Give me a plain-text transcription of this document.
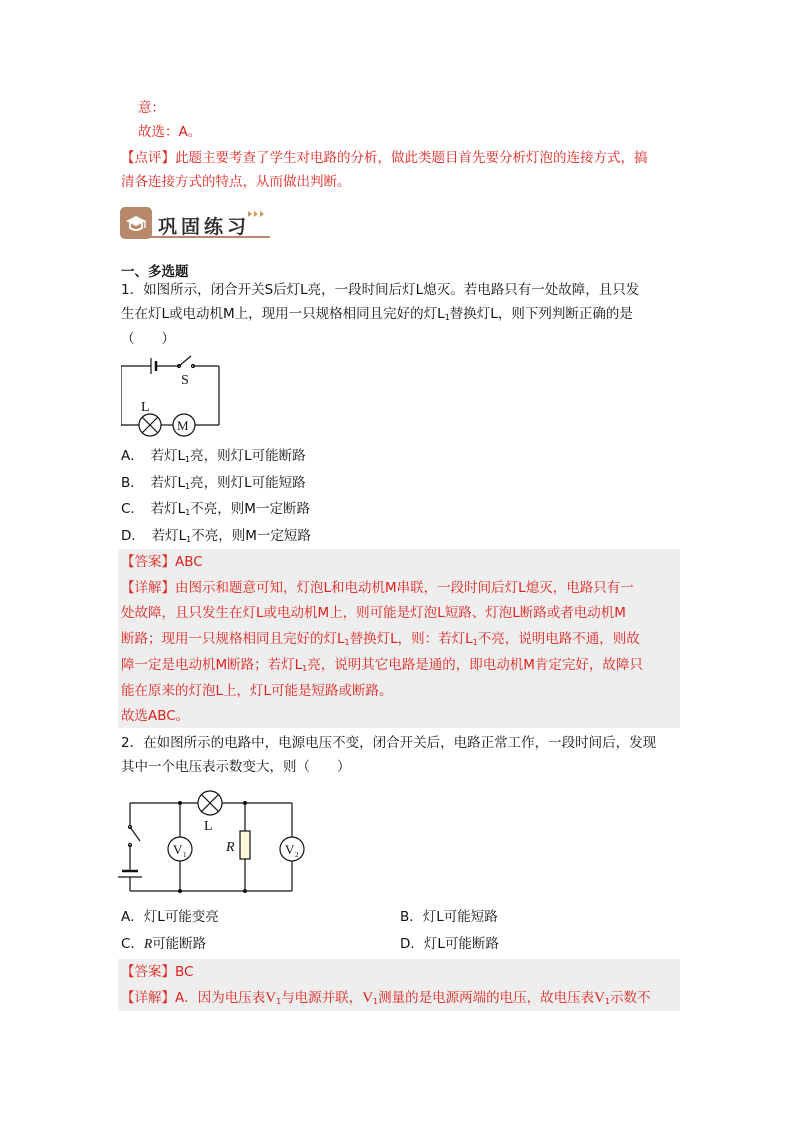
意：
故选：A。
【点评】此题主要考查了学生对电路的分析，做此类题目首先要分析灯泡的连接方式，搞
清各连接方式的特点，从而做出判断。
巩固练习
一、多选题
1．如图所示，闭合开关S后灯L亮，一段时间后灯L熄灭。若电路只有一处故障，且只发
生在灯L或电动机M上，现用一只规格相同且完好的灯$L_1$替换灯L，则下列判断正确的是
（　　）
S
L
M
A．　若灯$L_1$亮，则灯L可能断路
B．　若灯$L_1$亮，则灯L可能短路
C．　若灯$L_1$不亮，则M一定断路
D．　若灯$L_1$不亮，则M一定短路
【答案】ABC
【详解】由图示和题意可知，灯泡L和电动机M串联，一段时间后灯L熄灭，电路只有一
处故障，且只发生在灯L或电动机M上，则可能是灯泡L短路、灯泡L断路或者电动机M
断路；现用一只规格相同且完好的灯$L_1$替换灯L，则：若灯$L_1$不亮，说明电路不通，则故
障一定是电动机M断路；若灯$L_1$亮，说明其它电路是通的，即电动机M肯定完好，故障只
能在原来的灯泡L上，灯L可能是短路或断路。
故选ABC。
2．在如图所示的电路中，电源电压不变，闭合开关后，电路正常工作，一段时间后，发现
其中一个电压表示数变大，则（　　）
L
R
V 1	V 2
A．灯L可能变亮	B．灯L可能短路
C．R可能断路	D．灯L可能断路
【答案】BC
【详解】A．因为电压表$V_1$与电源并联，$V_1$测量的是电源两端的电压，故电压表$V_1$示数不
